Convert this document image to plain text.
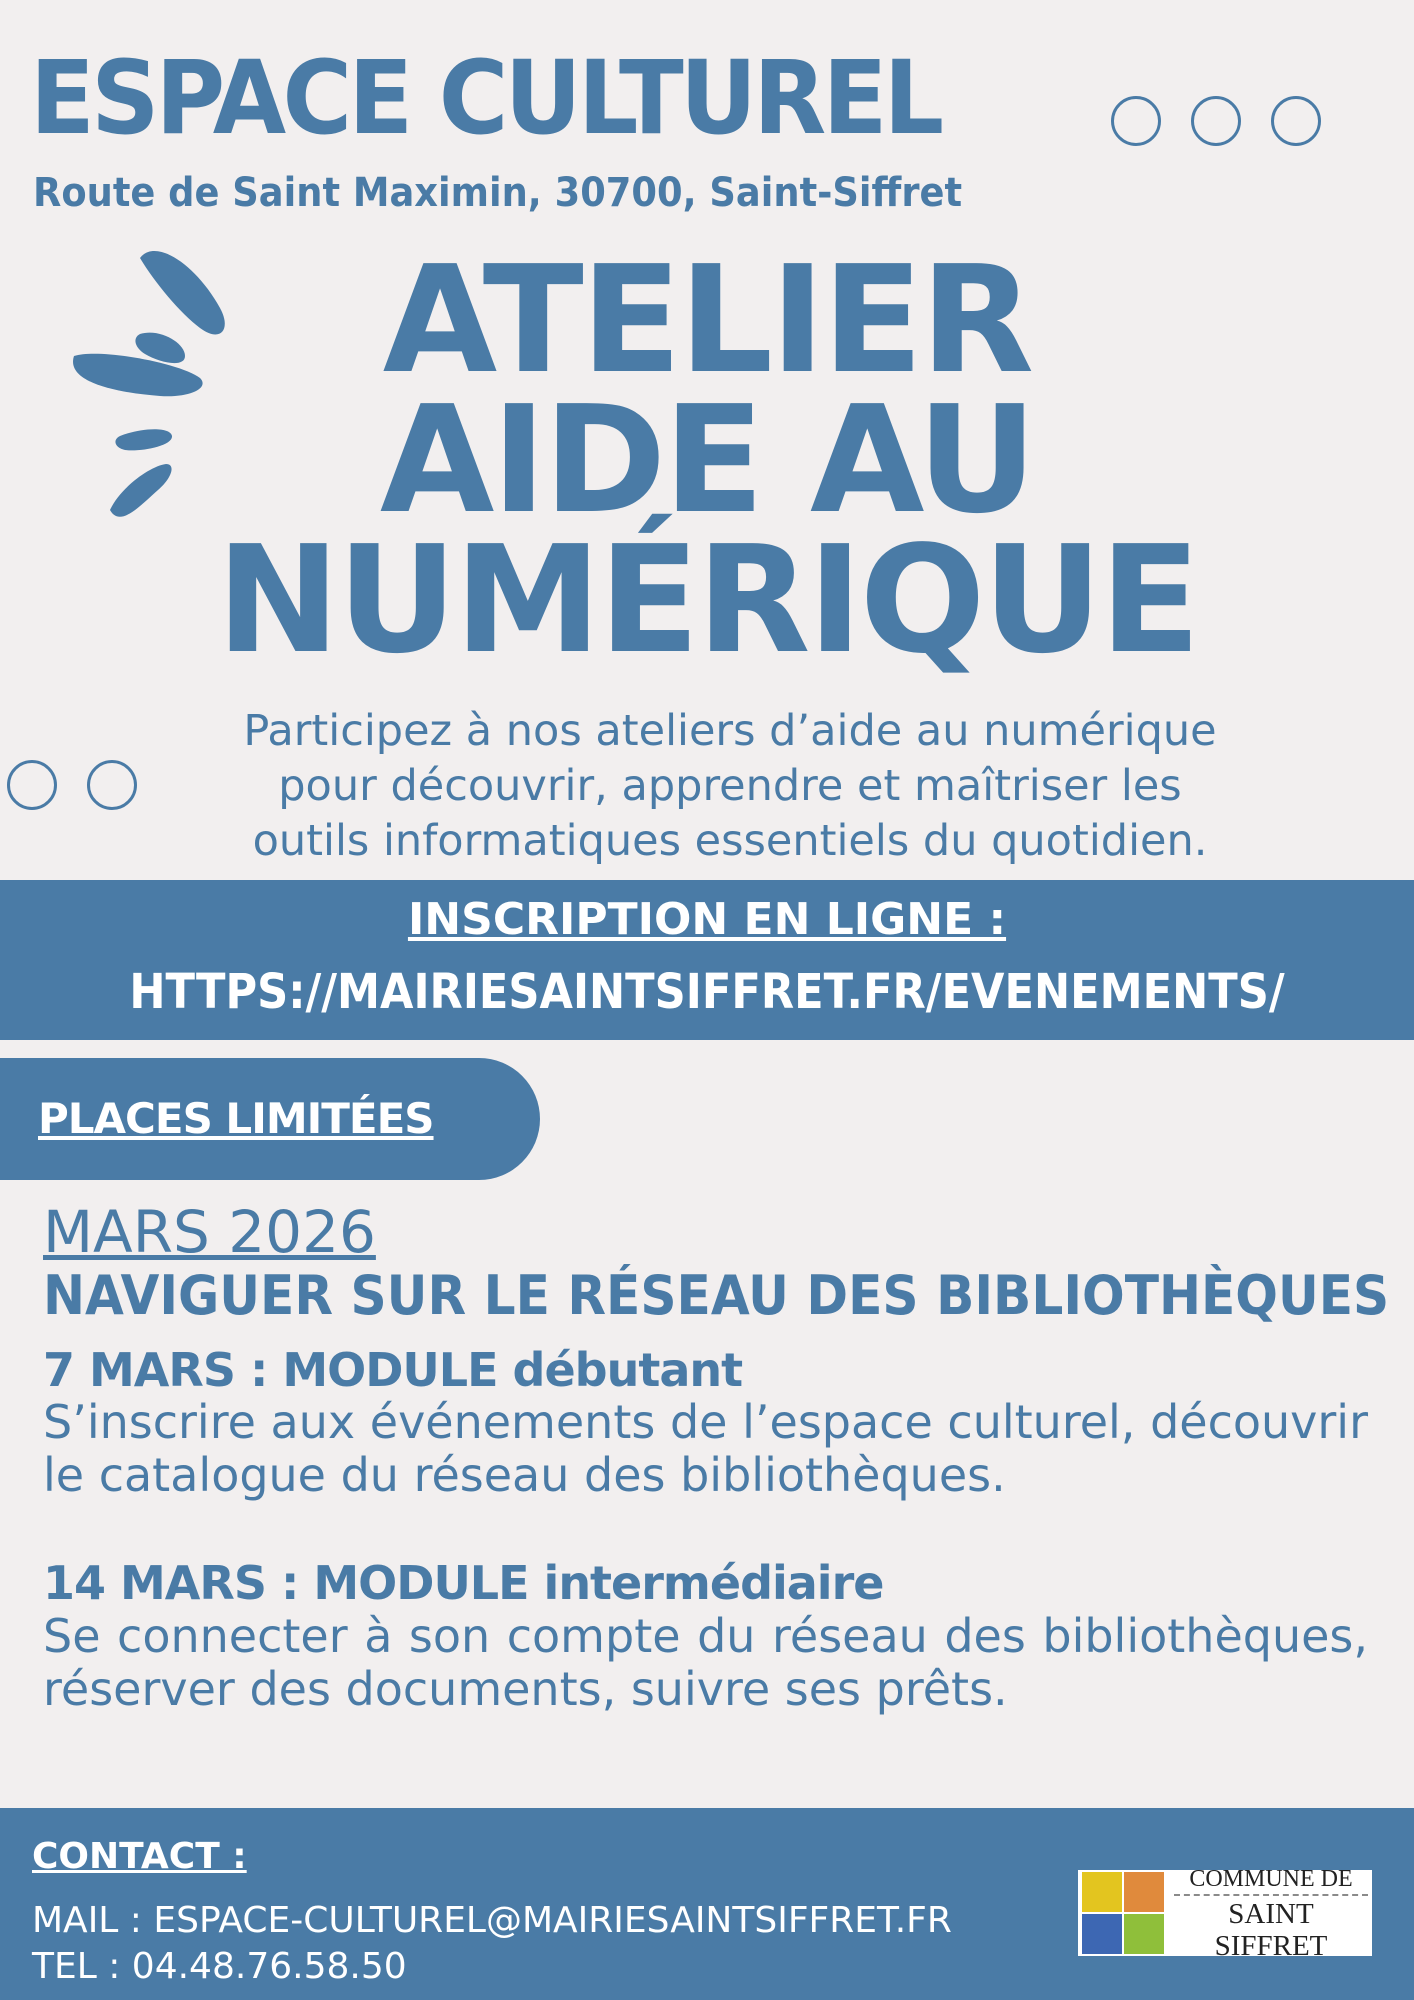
ESPACE CULTUREL
Route de Saint Maximin, 30700, Saint-Siffret
ATELIER
AIDE AU
NUMÉRIQUE
Participez à nos ateliers d’aide au numérique
pour découvrir, apprendre et maîtriser les
outils informatiques essentiels du quotidien.
INSCRIPTION EN LIGNE :
HTTPS://MAIRIESAINTSIFFRET.FR/EVENEMENTS/
PLACES LIMITÉES
MARS 2026
NAVIGUER SUR LE RÉSEAU DES BIBLIOTHÈQUES
7 MARS : MODULE débutant
S’inscrire aux événements de l’espace culturel, découvrir le catalogue du réseau des bibliothèques.
14 MARS : MODULE intermédiaire
Se connecter à son compte du réseau des bibliothèques, réserver des documents, suivre ses prêts.
CONTACT :
MAIL : ESPACE-CULTUREL@MAIRIESAINTSIFFRET.FR
TEL : 04.48.76.58.50
COMMUNE DE
SAINT SIFFRET
